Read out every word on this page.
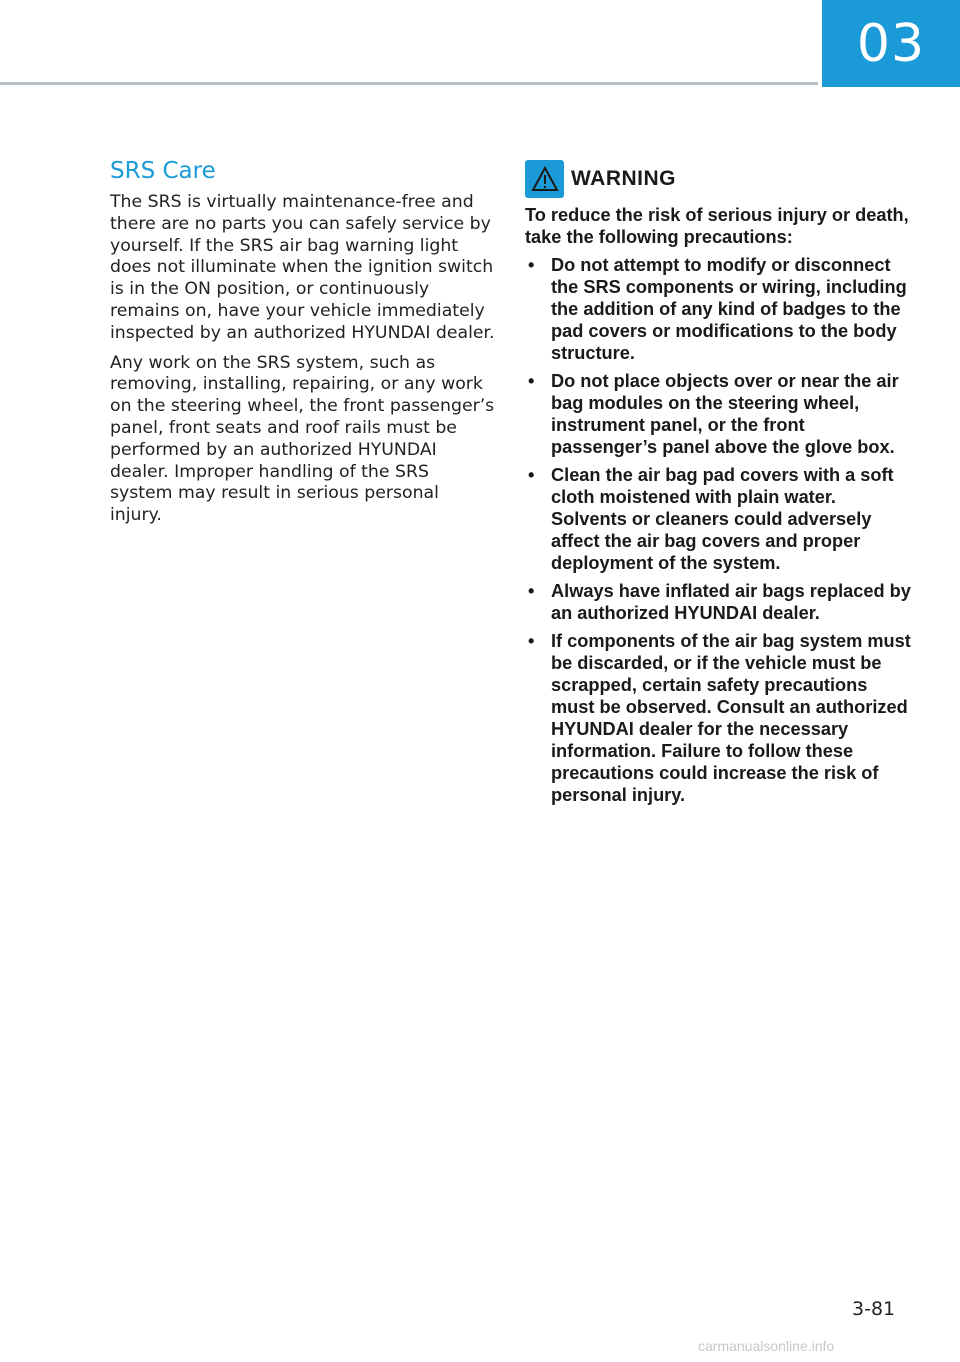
03
SRS Care

The SRS is virtually maintenance-free and there are no parts you can safely service by yourself. If the SRS air bag warning light does not illuminate when the ignition switch is in the ON position, or continuously remains on, have your vehicle immediately inspected by an authorized HYUNDAI dealer.

Any work on the SRS system, such as removing, installing, repairing, or any work on the steering wheel, the front passenger’s panel, front seats and roof rails must be performed by an authorized HYUNDAI dealer. Improper handling of the SRS system may result in serious personal injury.

WARNING

To reduce the risk of serious injury or death, take the following precautions:

• Do not attempt to modify or disconnect the SRS components or wiring, including the addition of any kind of badges to the pad covers or modifications to the body structure.
• Do not place objects over or near the air bag modules on the steering wheel, instrument panel, or the front passenger’s panel above the glove box.
• Clean the air bag pad covers with a soft cloth moistened with plain water. Solvents or cleaners could adversely affect the air bag covers and proper deployment of the system.
• Always have inflated air bags replaced by an authorized HYUNDAI dealer.
• If components of the air bag system must be discarded, or if the vehicle must be scrapped, certain safety precautions must be observed. Consult an authorized HYUNDAI dealer for the necessary information. Failure to follow these precautions could increase the risk of personal injury.
3-81
carmanualsonline.info
